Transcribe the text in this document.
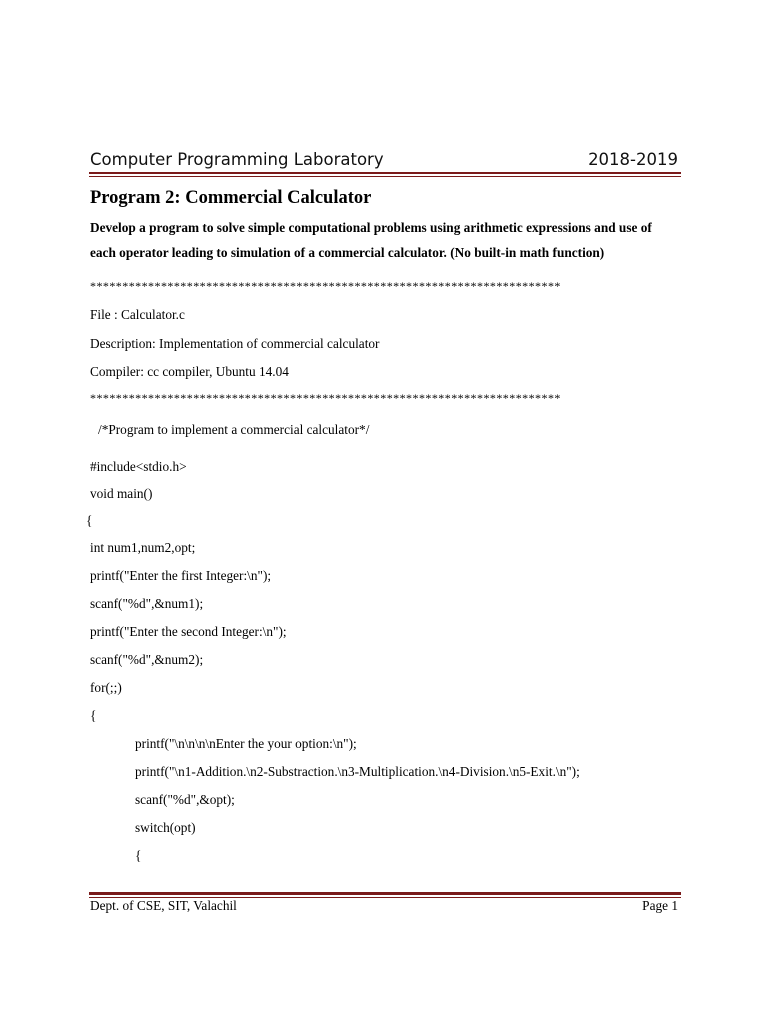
Computer Programming Laboratory	2018-2019
Program 2: Commercial Calculator
Develop a program to solve simple computational problems using arithmetic expressions and use of each operator leading to simulation of a commercial calculator. (No built-in math function)
*************************************************************************
File : Calculator.c
Description: Implementation of commercial calculator
Compiler: cc compiler, Ubuntu 14.04
*************************************************************************
/*Program to implement a commercial calculator*/
#include<stdio.h>
void main()
{
int num1,num2,opt;
printf("Enter the first Integer:\n");
scanf("%d",&num1);
printf("Enter the second Integer:\n");
scanf("%d",&num2);
for(;;)
{
printf("\n\n\n\nEnter the your option:\n");
printf("\n1-Addition.\n2-Substraction.\n3-Multiplication.\n4-Division.\n5-Exit.\n");
scanf("%d",&opt);
switch(opt)
{
Dept. of CSE, SIT, Valachil	Page 1
